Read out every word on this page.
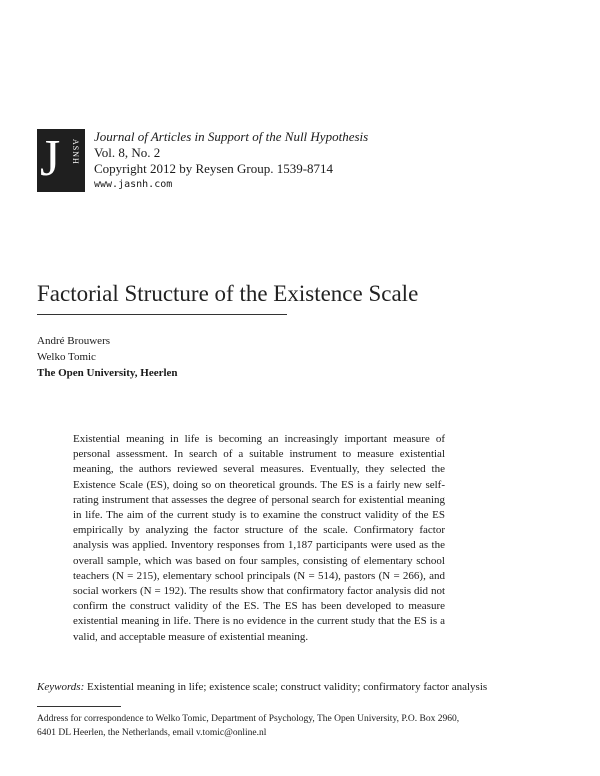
J ASNH

Journal of Articles in Support of the Null Hypothesis

Vol. 8, No. 2

Copyright 2012 by Reysen Group. 1539-8714

www.jasnh.com

Factorial Structure of the Existence Scale
André Brouwers
Welko Tomic
The Open University, Heerlen

Existential meaning in life is becoming an increasingly important measure of personal assessment. In search of a suitable instrument to measure existential meaning, the authors reviewed several measures. Eventually, they selected the Existence Scale (ES), doing so on theoretical grounds. The ES is a fairly new self-rating instrument that assesses the degree of personal search for existential meaning in life. The aim of the current study is to examine the construct validity of the ES empirically by analyzing the factor structure of the scale. Confirmatory factor analysis was applied. Inventory responses from 1,187 participants were used as the overall sample, which was based on four samples, consisting of elementary school teachers (N = 215), elementary school principals (N = 514), pastors (N = 266), and social workers (N = 192). The results show that confirmatory factor analysis did not confirm the construct validity of the ES. The ES has been developed to measure existential meaning in life. There is no evidence in the current study that the ES is a valid, and acceptable measure of existential meaning.

Keywords: Existential meaning in life; existence scale; construct validity; confirmatory factor analysis
Address for correspondence to Welko Tomic, Department of Psychology, The Open University, P.O. Box 2960,
6401 DL Heerlen, the Netherlands, email v.tomic@online.nl
